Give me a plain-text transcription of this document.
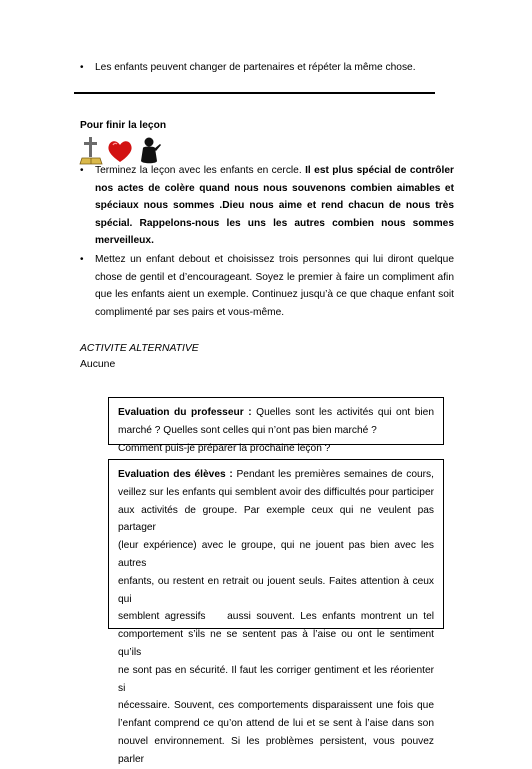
•	Les enfants peuvent changer de partenaires et répéter la même chose.
Pour finir la leçon
•	Terminez la leçon avec les enfants en cercle. Il est plus spécial de contrôler
nos actes de colère quand nous nous souvenons combien aimables et
spéciaux nous sommes .Dieu nous aime et rend chacun de nous très
spécial. Rappelons-nous les uns les autres combien nous sommes
merveilleux.
•	Mettez un enfant debout et choisissez trois personnes qui lui diront quelque
chose de gentil et d’encourageant. Soyez le premier à faire un compliment afin
que les enfants aient un exemple. Continuez jusqu’à ce que chaque enfant soit
complimenté par ses pairs et vous-même.
ACTIVITE ALTERNATIVE
Aucune
Evaluation du professeur : Quelles sont les activités qui ont bien
marché ? Quelles sont celles qui n’ont pas bien marché ?
Comment puis-je préparer la prochaine leçon ?
Evaluation des élèves : Pendant les premières semaines de cours,
veillez sur les enfants qui semblent avoir des difficultés pour participer
aux activités de groupe. Par exemple ceux qui ne veulent pas partager
(leur expérience) avec le groupe, qui ne jouent pas bien avec les autres
enfants, ou restent en retrait ou jouent seuls. Faites attention à ceux qui
semblent agressifs    aussi souvent. Les enfants montrent un tel
comportement s’ils ne se sentent pas à l’aise ou ont le sentiment qu’ils
ne sont pas en sécurité. Il faut les corriger gentiment et les réorienter si
nécessaire. Souvent, ces comportements disparaissent une fois que
l’enfant comprend ce qu’on attend de lui et se sent à l’aise dans son
nouvel environnement. Si les problèmes persistent, vous pouvez parler
